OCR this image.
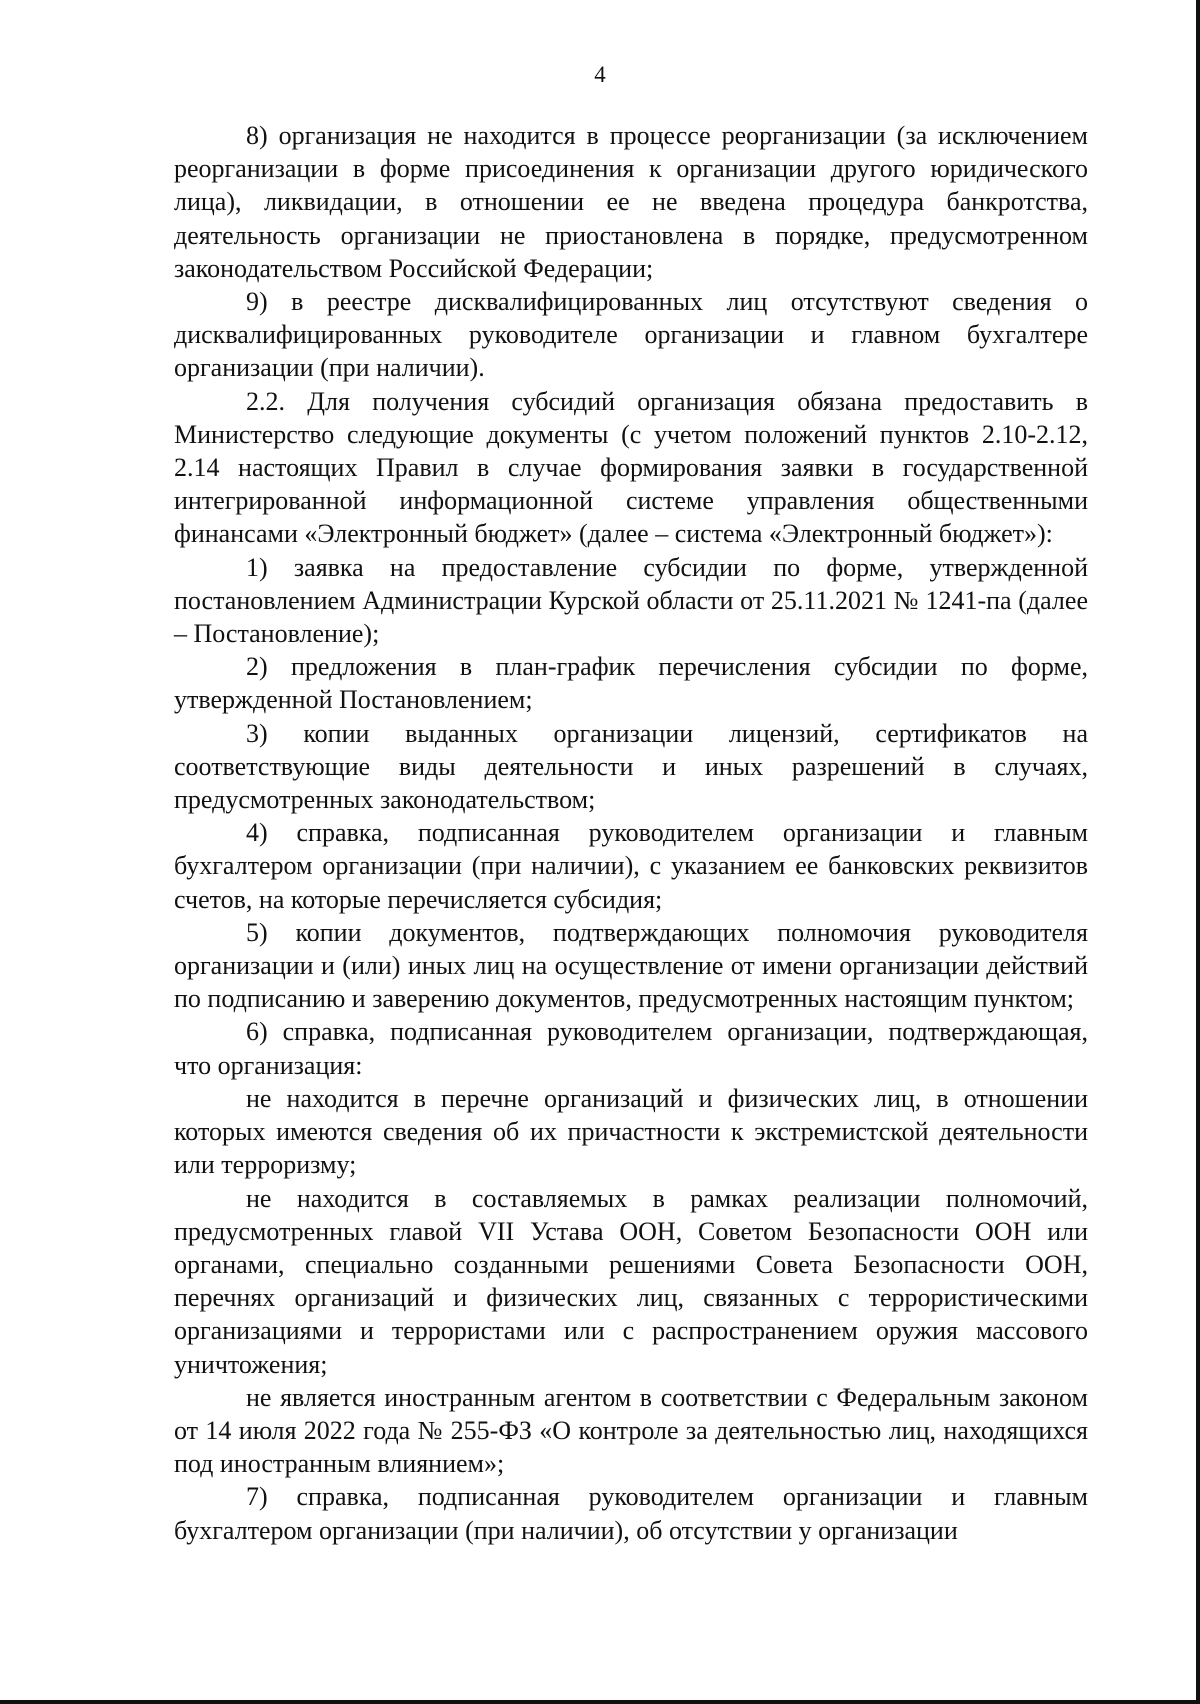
4

8) организация не находится в процессе реорганизации (за исключением реорганизации в форме присоединения к организации другого юридического лица), ликвидации, в отношении ее не введена процедура банкротства, деятельность организации не приостановлена в порядке, предусмотренном законодательством Российской Федерации;

9) в реестре дисквалифицированных лиц отсутствуют сведения о дисквалифицированных руководителе организации и главном бухгалтере организации (при наличии).

2.2. Для получения субсидий организация обязана предоставить в Министерство следующие документы (с учетом положений пунктов 2.10-2.12, 2.14 настоящих Правил в случае формирования заявки в государственной интегрированной информационной системе управления общественными финансами «Электронный бюджет» (далее – система «Электронный бюджет»):

1) заявка на предоставление субсидии по форме, утвержденной постановлением Администрации Курской области от 25.11.2021 № 1241-па (далее – Постановление);

2) предложения в план-график перечисления субсидии по форме, утвержденной Постановлением;

3) копии выданных организации лицензий, сертификатов на соответствующие виды деятельности и иных разрешений в случаях, предусмотренных законодательством;

4) справка, подписанная руководителем организации и главным бухгалтером организации (при наличии), с указанием ее банковских реквизитов счетов, на которые перечисляется субсидия;

5) копии документов, подтверждающих полномочия руководителя организации и (или) иных лиц на осуществление от имени организации действий по подписанию и заверению документов, предусмотренных настоящим пунктом;

6) справка, подписанная руководителем организации, подтверждающая, что организация:

не находится в перечне организаций и физических лиц, в отношении которых имеются сведения об их причастности к экстремистской деятельности или терроризму;

не находится в составляемых в рамках реализации полномочий, предусмотренных главой VII Устава ООН, Советом Безопасности ООН или органами, специально созданными решениями Совета Безопасности ООН, перечнях организаций и физических лиц, связанных с террористическими организациями и террористами или с распространением оружия массового уничтожения;

не является иностранным агентом в соответствии с Федеральным законом от 14 июля 2022 года № 255-ФЗ «О контроле за деятельностью лиц, находящихся под иностранным влиянием»;

7) справка, подписанная руководителем организации и главным бухгалтером организации (при наличии), об отсутствии у организации
